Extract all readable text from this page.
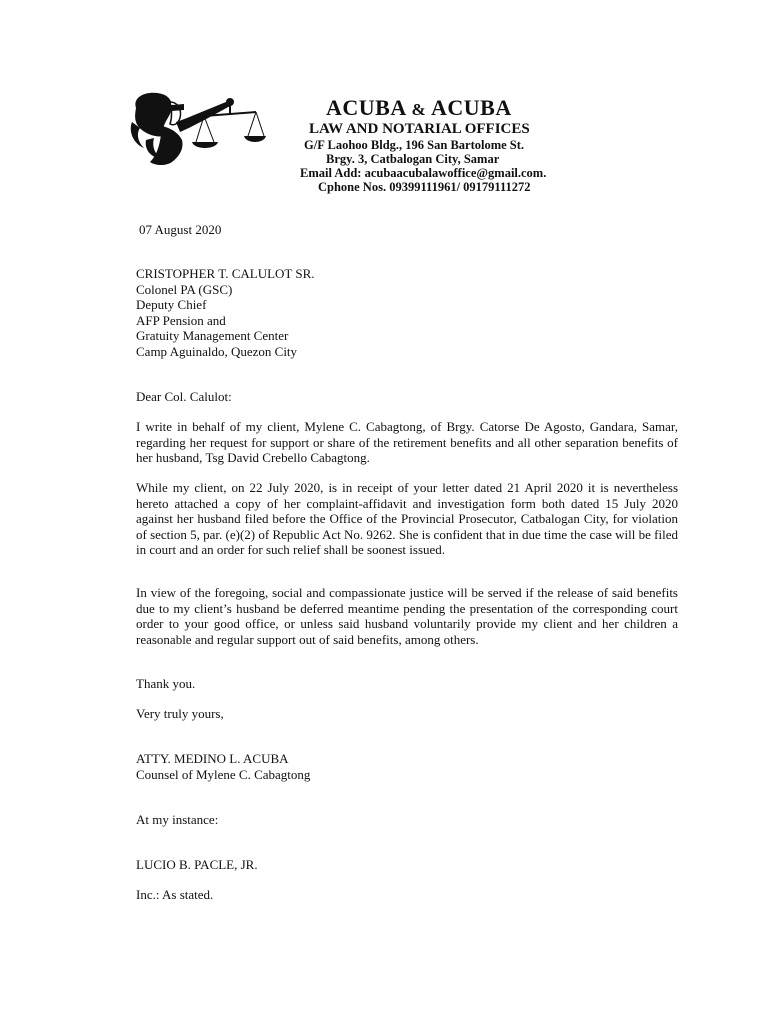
ACUBA & ACUBA
LAW AND NOTARIAL OFFICES
G/F Laohoo Bldg., 196 San Bartolome St.
Brgy. 3, Catbalogan City, Samar
Email Add: acubaacubalawoffice@gmail.com.
Cphone Nos. 09399111961/ 09179111272
07 August 2020
CRISTOPHER T. CALULOT SR.
Colonel PA (GSC)
Deputy Chief
AFP Pension and
Gratuity Management Center
Camp Aguinaldo, Quezon City
Dear Col. Calulot:
I write in behalf of my client, Mylene C. Cabagtong, of Brgy. Catorse De Agosto, Gandara, Samar, regarding her request for support or share of the retirement benefits and all other separation benefits of her husband, Tsg David Crebello Cabagtong.
While my client, on 22 July 2020, is in receipt of your letter dated 21 April 2020 it is nevertheless hereto attached a copy of her complaint-affidavit and investigation form both dated 15 July 2020 against her husband filed before the Office of the Provincial Prosecutor, Catbalogan City, for violation of section 5, par. (e)(2) of Republic Act No. 9262. She is confident that in due time the case will be filed in court and an order for such relief shall be soonest issued.
In view of the foregoing, social and compassionate justice will be served if the release of said benefits due to my client’s husband be deferred meantime pending the presentation of the corresponding court order to your good office, or unless said husband voluntarily provide my client and her children a reasonable and regular support out of said benefits, among others.
Thank you.
Very truly yours,
ATTY. MEDINO L. ACUBA
Counsel of Mylene C. Cabagtong
At my instance:
LUCIO B. PACLE, JR.
Inc.: As stated.
